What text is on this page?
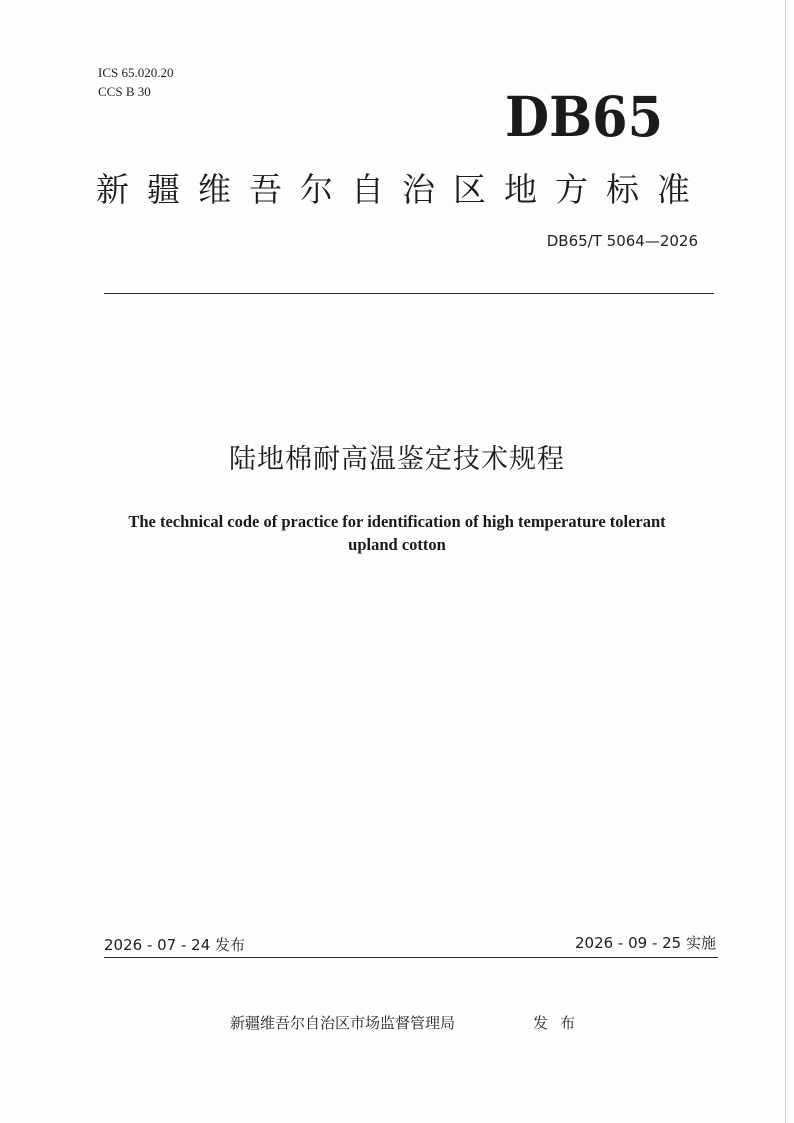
ICS 65.020.20
CCS B 30	DB65
新疆维吾尔自治区地方标准
DB65/T 5064—2026
陆地棉耐高温鉴定技术规程
The technical code of practice for identification of high temperature tolerant
upland cotton
2026 - 07 - 24 发布	2026 - 09 - 25 实施
新疆维吾尔自治区市场监督管理局	发布
